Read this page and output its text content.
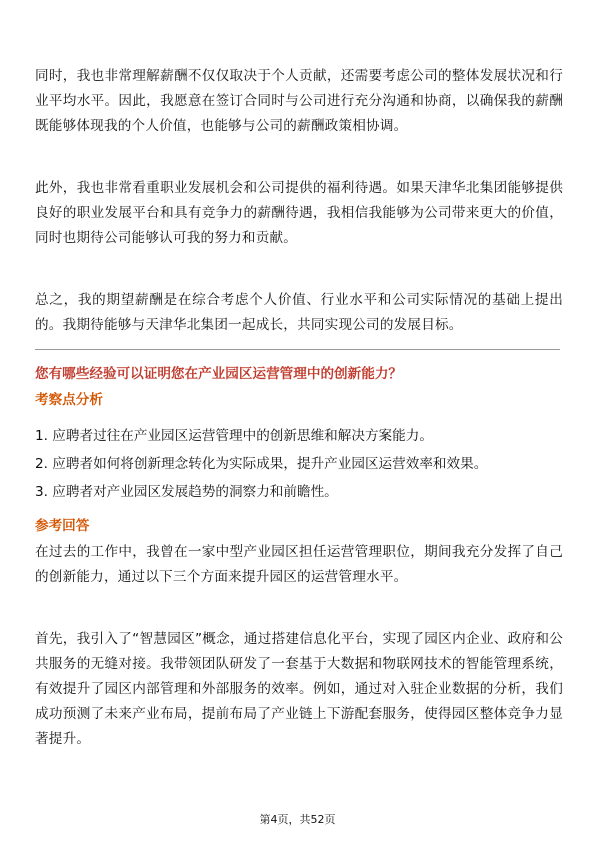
同时，我也非常理解薪酬不仅仅取决于个人贡献，还需要考虑公司的整体发展状况和行业平均水平。因此，我愿意在签订合同时与公司进行充分沟通和协商，以确保我的薪酬既能够体现我的个人价值，也能够与公司的薪酬政策相协调。

此外，我也非常看重职业发展机会和公司提供的福利待遇。如果天津华北集团能够提供良好的职业发展平台和具有竞争力的薪酬待遇，我相信我能够为公司带来更大的价值，同时也期待公司能够认可我的努力和贡献。

总之，我的期望薪酬是在综合考虑个人价值、行业水平和公司实际情况的基础上提出的。我期待能够与天津华北集团一起成长，共同实现公司的发展目标。

您有哪些经验可以证明您在产业园区运营管理中的创新能力？

考察点分析

1. 应聘者过往在产业园区运营管理中的创新思维和解决方案能力。

2. 应聘者如何将创新理念转化为实际成果，提升产业园区运营效率和效果。

3. 应聘者对产业园区发展趋势的洞察力和前瞻性。

参考回答

在过去的工作中，我曾在一家中型产业园区担任运营管理职位，期间我充分发挥了自己的创新能力，通过以下三个方面来提升园区的运营管理水平。

首先，我引入了“智慧园区”概念，通过搭建信息化平台，实现了园区内企业、政府和公共服务的无缝对接。我带领团队研发了一套基于大数据和物联网技术的智能管理系统，有效提升了园区内部管理和外部服务的效率。例如，通过对入驻企业数据的分析，我们成功预测了未来产业布局，提前布局了产业链上下游配套服务，使得园区整体竞争力显著提升。

第4页，共52页
